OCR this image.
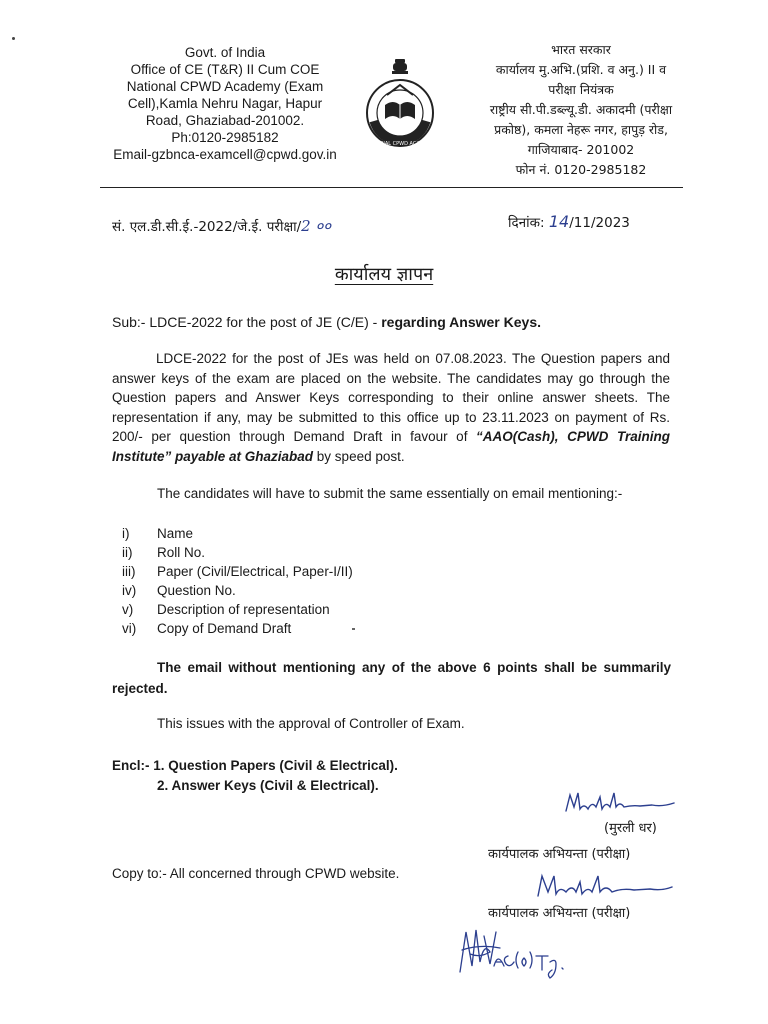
Govt. of India
Office of CE (T&R) II Cum COE
National CPWD Academy (Exam
Cell),Kamla Nehru Nagar, Hapur
Road, Ghaziabad-201002.
Ph:0120-2985182
Email-gzbnca-examcell@cpwd.gov.in
NATIONAL CPWD ACADEMY
भारत सरकार
कार्यालय मु.अभि.(प्रशि. व अनु.) II व
परीक्षा नियंत्रक
राष्ट्रीय सी.पी.डब्ल्यू.डी. अकादमी (परीक्षा
प्रकोष्ठ), कमला नेहरू नगर, हापुड़ रोड,
गाजियाबाद- 201002
फोन नं. 0120-2985182
सं. एल.डी.सी.ई.-2022/जे.ई. परीक्षा/2 ००	दिनांक: 14/11/2023
कार्यालय ज्ञापन
Sub:- LDCE-2022 for the post of JE (C/E) - regarding Answer Keys.
LDCE-2022 for the post of JEs was held on 07.08.2023. The Question papers and answer keys of the exam are placed on the website. The candidates may go through the Question papers and Answer Keys corresponding to their online answer sheets. The representation if any, may be submitted to this office up to 23.11.2023 on payment of Rs. 200/- per question through Demand Draft in favour of “AAO(Cash), CPWD Training Institute” payable at Ghaziabad by speed post.
The candidates will have to submit the same essentially on email mentioning:-
i)	Name
ii)	Roll No.
iii)	Paper (Civil/Electrical, Paper-I/II)
iv)	Question No.
v)	Description of representation
vi)	Copy of Demand Draft
The email without mentioning any of the above 6 points shall be summarily rejected.
This issues with the approval of Controller of Exam.
Encl:- 1. Question Papers (Civil & Electrical).
2. Answer Keys (Civil & Electrical).
(मुरली धर)
कार्यपालक अभियन्ता (परीक्षा)
Copy to:- All concerned through CPWD website.
कार्यपालक अभियन्ता (परीक्षा)
